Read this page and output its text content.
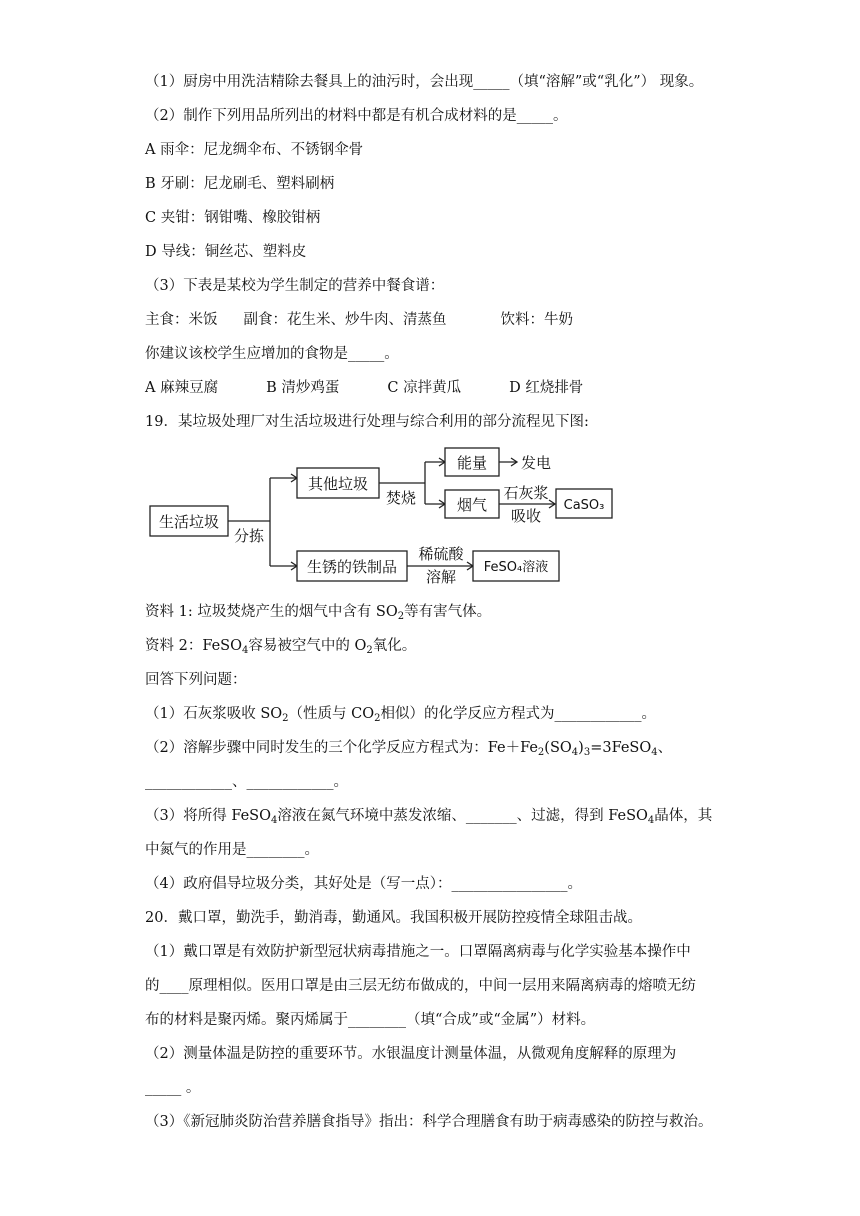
（1）厨房中用洗洁精除去餐具上的油污时，会出现_____（填“溶解”或“乳化”） 现象。
（2）制作下列用品所列出的材料中都是有机合成材料的是_____。
A 雨伞：尼龙绸伞布、不锈钢伞骨
B 牙刷：尼龙刷毛、塑料刷柄
C 夹钳：钢钳嘴、橡胶钳柄
D 导线：铜丝芯、塑料皮
（3）下表是某校为学生制定的营养中餐食谱：
主食：米饭 副食：花生米、炒牛肉、清蒸鱼	饮料：牛奶
你建议该校学生应增加的食物是_____。
A 麻辣豆腐	B 清炒鸡蛋	C 凉拌黄瓜	D 红烧排骨
19．某垃圾处理厂对生活垃圾进行处理与综合利用的部分流程见下图:
生活垃圾
分拣
其他垃圾
生锈的铁制品
焚烧
能量 发电
烟气
石灰浆
吸收
稀硫酸
溶解
FeSO₄溶液
CaSO₃
资料 1: 垃圾焚烧产生的烟气中含有 $SO_2$等有害气体。
资料 2：FeSO$_4$容易被空气中的 $O_2$氧化。
回答下列问题：
（1）石灰浆吸收 $SO_2$（性质与 $CO_2$相似）的化学反应方程式为____________。
（2）溶解步骤中同时发生的三个化学反应方程式为：$Fe+Fe_2(SO_4)_3=3FeSO_4$、
____________、____________。
（3）将所得 FeSO$_4$溶液在氮气环境中蒸发浓缩、_______、过滤，得到 FeSO$_4$晶体，其
中氮气的作用是________。
（4）政府倡导垃圾分类，其好处是（写一点）：________________。
20．戴口罩，勤洗手，勤消毒，勤通风。我国积极开展防控疫情全球阻击战。
（1）戴口罩是有效防护新型冠状病毒措施之一。口罩隔离病毒与化学实验基本操作中
的____原理相似。医用口罩是由三层无纺布做成的，中间一层用来隔离病毒的熔喷无纺
布的材料是聚丙烯。聚丙烯属于________（填“合成”或“金属”）材料。
（2）测量体温是防控的重要环节。水银温度计测量体温，从微观角度解释的原理为
_____ 。
（3）《新冠肺炎防治营养膳食指导》指出：科学合理膳食有助于病毒感染的防控与救治。
